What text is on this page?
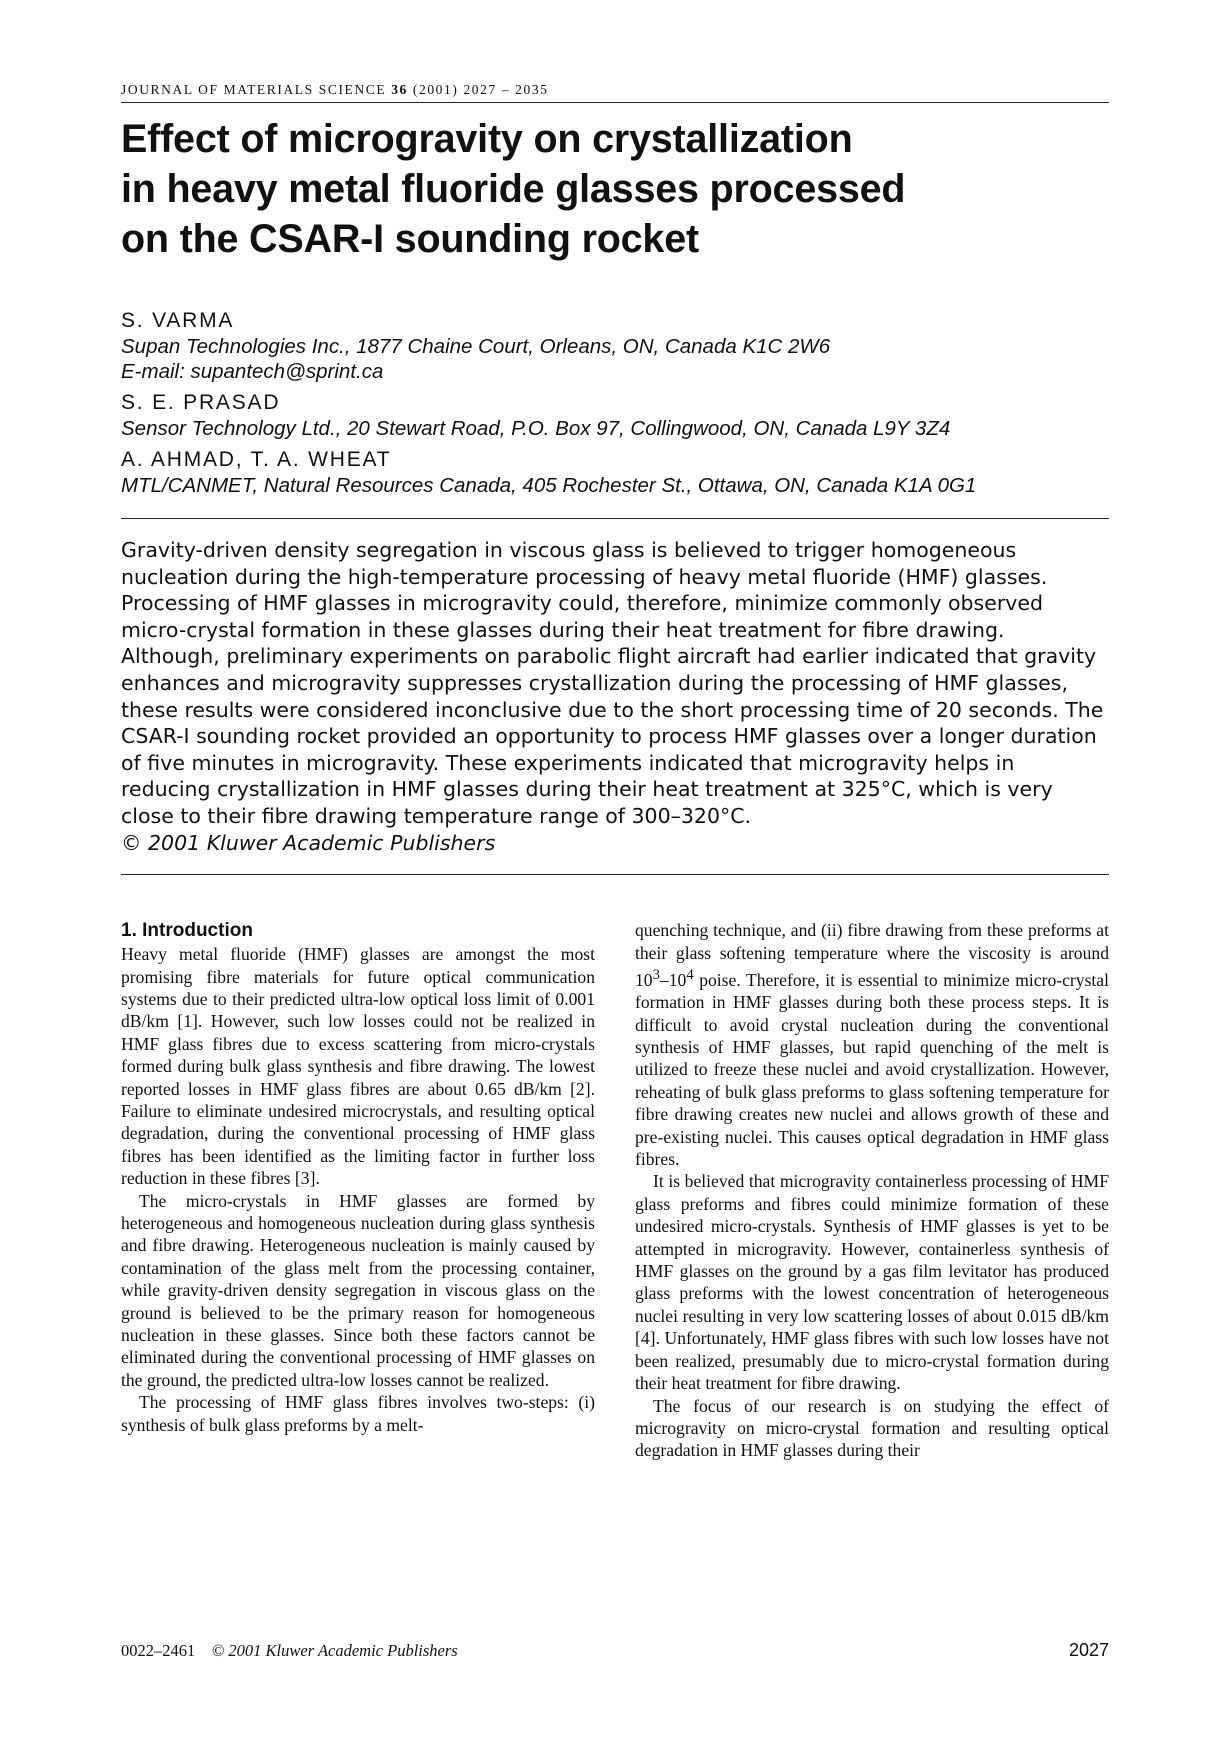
JOURNAL OF MATERIALS SCIENCE 36 (2001) 2027 – 2035
Effect of microgravity on crystallization
in heavy metal fluoride glasses processed
on the CSAR-I sounding rocket
S. VARMA
Supan Technologies Inc., 1877 Chaine Court, Orleans, ON, Canada K1C 2W6
E-mail: supantech@sprint.ca
S. E. PRASAD
Sensor Technology Ltd., 20 Stewart Road, P.O. Box 97, Collingwood, ON, Canada L9Y 3Z4
A. AHMAD, T. A. WHEAT
MTL/CANMET, Natural Resources Canada, 405 Rochester St., Ottawa, ON, Canada K1A 0G1
Gravity-driven density segregation in viscous glass is believed to trigger homogeneous nucleation during the high-temperature processing of heavy metal fluoride (HMF) glasses. Processing of HMF glasses in microgravity could, therefore, minimize commonly observed micro-crystal formation in these glasses during their heat treatment for fibre drawing. Although, preliminary experiments on parabolic flight aircraft had earlier indicated that gravity enhances and microgravity suppresses crystallization during the processing of HMF glasses, these results were considered inconclusive due to the short processing time of 20 seconds. The CSAR-I sounding rocket provided an opportunity to process HMF glasses over a longer duration of five minutes in microgravity. These experiments indicated that microgravity helps in reducing crystallization in HMF glasses during their heat treatment at 325°C, which is very close to their fibre drawing temperature range of 300–320°C.
© 2001 Kluwer Academic Publishers
1. Introduction

Heavy metal fluoride (HMF) glasses are amongst the most promising fibre materials for future optical communication systems due to their predicted ultra-low optical loss limit of 0.001 dB/km [1]. However, such low losses could not be realized in HMF glass fibres due to excess scattering from micro-crystals formed during bulk glass synthesis and fibre drawing. The lowest reported losses in HMF glass fibres are about 0.65 dB/km [2]. Failure to eliminate undesired microcrystals, and resulting optical degradation, during the conventional processing of HMF glass fibres has been identified as the limiting factor in further loss reduction in these fibres [3].

The micro-crystals in HMF glasses are formed by heterogeneous and homogeneous nucleation during glass synthesis and fibre drawing. Heterogeneous nucleation is mainly caused by contamination of the glass melt from the processing container, while gravity-driven density segregation in viscous glass on the ground is believed to be the primary reason for homogeneous nucleation in these glasses. Since both these factors cannot be eliminated during the conventional processing of HMF glasses on the ground, the predicted ultra-low losses cannot be realized.

The processing of HMF glass fibres involves two-steps: (i) synthesis of bulk glass preforms by a melt-

quenching technique, and (ii) fibre drawing from these preforms at their glass softening temperature where the viscosity is around $10^3-10^4$ poise. Therefore, it is essential to minimize micro-crystal formation in HMF glasses during both these process steps. It is difficult to avoid crystal nucleation during the conventional synthesis of HMF glasses, but rapid quenching of the melt is utilized to freeze these nuclei and avoid crystallization. However, reheating of bulk glass preforms to glass softening temperature for fibre drawing creates new nuclei and allows growth of these and pre-existing nuclei. This causes optical degradation in HMF glass fibres.

It is believed that microgravity containerless processing of HMF glass preforms and fibres could minimize formation of these undesired micro-crystals. Synthesis of HMF glasses is yet to be attempted in microgravity. However, containerless synthesis of HMF glasses on the ground by a gas film levitator has produced glass preforms with the lowest concentration of heterogeneous nuclei resulting in very low scattering losses of about 0.015 dB/km [4]. Unfortunately, HMF glass fibres with such low losses have not been realized, presumably due to micro-crystal formation during their heat treatment for fibre drawing.

The focus of our research is on studying the effect of microgravity on micro-crystal formation and resulting optical degradation in HMF glasses during their

0022–2461 © 2001 Kluwer Academic Publishers	2027
